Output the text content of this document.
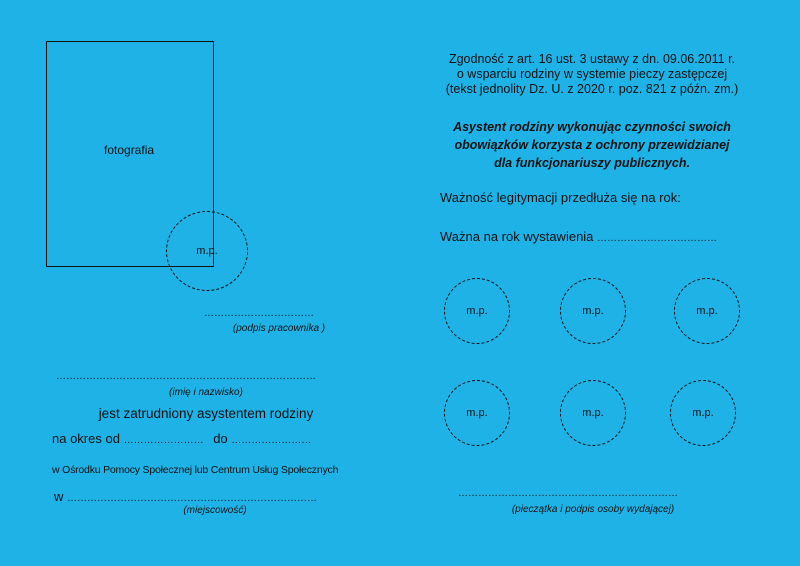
fotografia
m.p.
……………………………
(podpis pracownika )
……………………………………………………………………
(imię i nazwisko)
jest zatrudniony asystentem rodziny
na okres od …………………… do ……………………
w Ośrodku Pomocy Społecznej lub Centrum Usług Społecznych
w …………………………………………………………………
(miejscowość)
Zgodność z art. 16 ust. 3 ustawy z dn. 09.06.2011 r.
o wsparciu rodziny w systemie pieczy zastępczej
(tekst jednolity Dz. U. z 2020 r. poz. 821 z późn. zm.)
Asystent rodziny wykonując czynności swoich
obowiązków korzysta z ochrony przewidzianej
dla funkcjonariuszy publicznych.
Ważność legitymacji przedłuża się na rok:
Ważna na rok wystawienia ………………………………
m.p.	m.p.	m.p.
m.p.	m.p.	m.p.
…………………………………………………………
(pieczątka i podpis osoby wydającej)
